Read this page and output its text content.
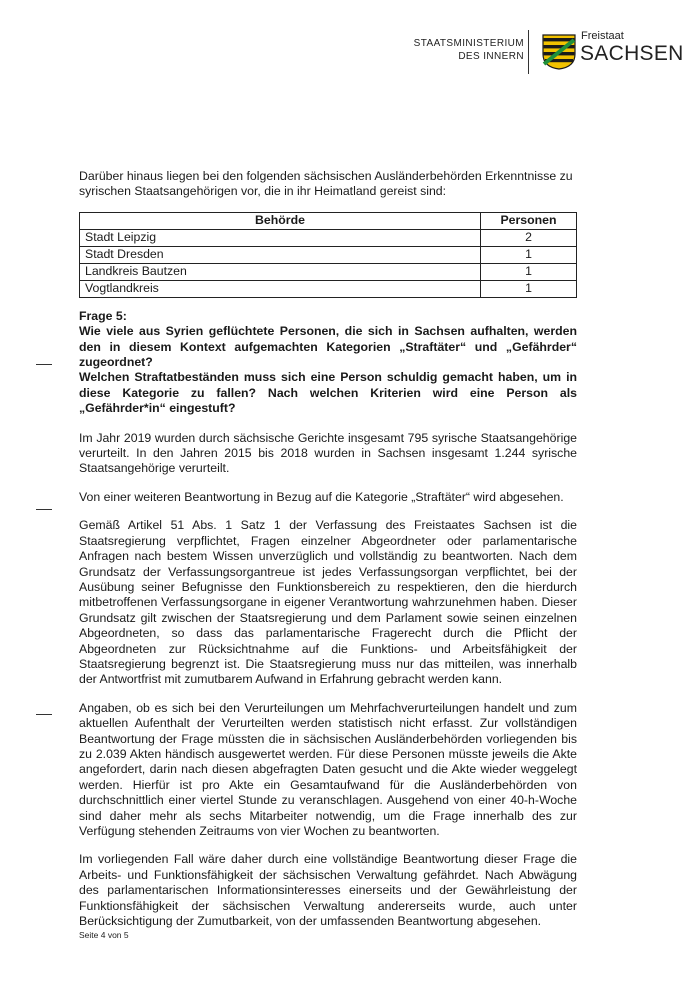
STAATSMINISTERIUM
DES INNERN
Freistaat
SACHSEN

Darüber hinaus liegen bei den folgenden sächsischen Ausländerbehörden Erkenntnisse zu syrischen Staatsangehörigen vor, die in ihr Heimatland gereist sind:

Behörde	Personen
Stadt Leipzig	2
Stadt Dresden	1
Landkreis Bautzen	1
Vogtlandkreis	1
Frage 5:
Wie viele aus Syrien geflüchtete Personen, die sich in Sachsen aufhalten, werden den in diesem Kontext aufgemachten Kategorien „Straftäter“ und „Gefährder“ zugeordnet?
Welchen Straftatbeständen muss sich eine Person schuldig gemacht haben, um in diese Kategorie zu fallen? Nach welchen Kriterien wird eine Person als „Gefährder*in“ eingestuft?

Im Jahr 2019 wurden durch sächsische Gerichte insgesamt 795 syrische Staatsangehörige verurteilt. In den Jahren 2015 bis 2018 wurden in Sachsen insgesamt 1.244 syrische Staatsangehörige verurteilt.

Von einer weiteren Beantwortung in Bezug auf die Kategorie „Straftäter“ wird abgesehen.

Gemäß Artikel 51 Abs. 1 Satz 1 der Verfassung des Freistaates Sachsen ist die Staatsregierung verpflichtet, Fragen einzelner Abgeordneter oder parlamentarische Anfragen nach bestem Wissen unverzüglich und vollständig zu beantworten. Nach dem Grundsatz der Verfassungsorgantreue ist jedes Verfassungsorgan verpflichtet, bei der Ausübung seiner Befugnisse den Funktionsbereich zu respektieren, den die hierdurch mitbetroffenen Verfassungsorgane in eigener Verantwortung wahrzunehmen haben. Dieser Grundsatz gilt zwischen der Staatsregierung und dem Parlament sowie seinen einzelnen Abgeordneten, so dass das parlamentarische Fragerecht durch die Pflicht der Abgeordneten zur Rücksichtnahme auf die Funktions- und Arbeitsfähigkeit der Staatsregierung begrenzt ist. Die Staatsregierung muss nur das mitteilen, was innerhalb der Antwortfrist mit zumutbarem Aufwand in Erfahrung gebracht werden kann.

Angaben, ob es sich bei den Verurteilungen um Mehrfachverurteilungen handelt und zum aktuellen Aufenthalt der Verurteilten werden statistisch nicht erfasst. Zur vollständigen Beantwortung der Frage müssten die in sächsischen Ausländerbehörden vorliegenden bis zu 2.039 Akten händisch ausgewertet werden. Für diese Personen müsste jeweils die Akte angefordert, darin nach diesen abgefragten Daten gesucht und die Akte wieder weggelegt werden. Hierfür ist pro Akte ein Gesamtaufwand für die Ausländerbehörden von durchschnittlich einer viertel Stunde zu veranschlagen. Ausgehend von einer 40-h-Woche sind daher mehr als sechs Mitarbeiter notwendig, um die Frage innerhalb des zur Verfügung stehenden Zeitraums von vier Wochen zu beantworten.

Im vorliegenden Fall wäre daher durch eine vollständige Beantwortung dieser Frage die Arbeits- und Funktionsfähigkeit der sächsischen Verwaltung gefährdet. Nach Abwägung des parlamentarischen Informationsinteresses einerseits und der Gewährleistung der Funktionsfähigkeit der sächsischen Verwaltung andererseits wurde, auch unter Berücksichtigung der Zumutbarkeit, von der umfassenden Beantwortung abgesehen.

Seite 4 von 5
